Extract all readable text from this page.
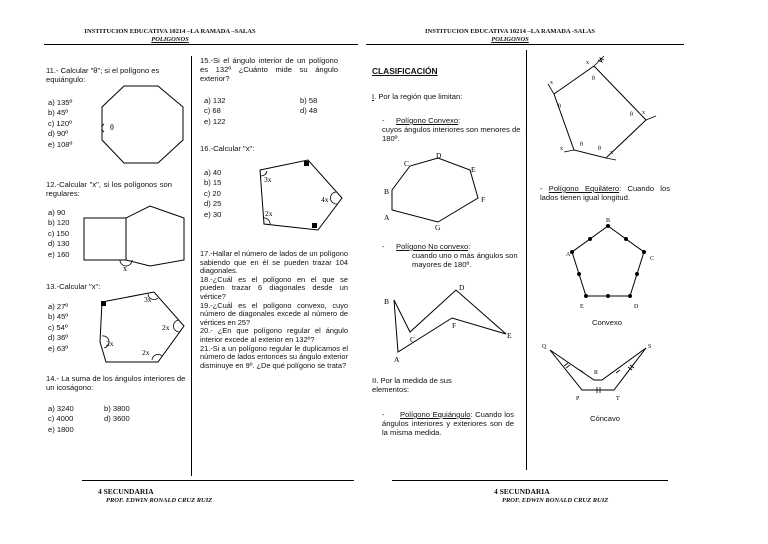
INSTITUCION EDUCATIVA 10214 –LA RAMADA –SALAS
POLIGONOS
11.- Calcular "θ"; si el polígono es equiángulo:
a) 135º
b) 45º
c) 120º
d) 90º
e) 108º
θ
12.-Calcular "x", si los polígonos son regulares:
a) 90
b) 120
c) 150
d) 130
e) 160
x
13.-Calcular "x":
a) 27º
b) 45º
c) 54º
d) 36º
e) 63º
3x
2x
2x
2x
14.- La suma de los ángulos interiores de un icoságono:
a) 3240
c) 4000
e) 1800
b) 3800
d) 3600
15.-Si el ángulo interior de un polígono es 132º ¿Cuánto mide su ángulo exterior?
a) 132
c) 68
e) 122
b) 58
d) 48
16.-Calcular "x":
a) 40
b) 15
c) 20
d) 25
e) 30
3x
4x
2x
17.-Hallar el número de lados de un polígono sabiendo que en él se pueden trazar 104 diagonales.
18.-¿Cuál es el polígono en el que se pueden trazar 6 diagonales desde un vértice?
19.-¿Cuál es el polígono convexo, cuyo número de diagonales excede al número de vértices en 25?
20.- ¿En que polígono regular el ángulo interior excede al exterior en 132º?
21.-Si a un polígono regular le duplicamos el número de lados entonces su ángulo exterior disminuye en 9º. ¿De qué polígono se trata?
4 SECUNDARIA
PROF. EDWIN RONALD CRUZ RUIZ
INSTITUCION EDUCATIVA 10214 –LA RAMADA -SALAS
POLIGONOS
CLASIFICACIÓN
I. Por la región que limitan:
- Polígono Convexo:
cuyos ángulos interiores son menores de 180º.
A
B
C
D
E
F
G
- Polígono No convexo:
cuando uno o más ángulos son mayores de 180º.
A
B
C
D
E
F
II. Por la medida de sus elementos:
- Polígono Equiángulo: Cuando los ángulos interiores y exteriores son de la misma medida.
x
θ
x
θ
x
θ
x
θ
x
θ
- Polígono Equilátero: Cuando los lados tienen igual longitud.
A
B
C
D
E
Convexo
Q
R
S
P	T
Cóncavo
4 SECUNDARIA
PROF. EDWIN RONALD CRUZ RUIZ
